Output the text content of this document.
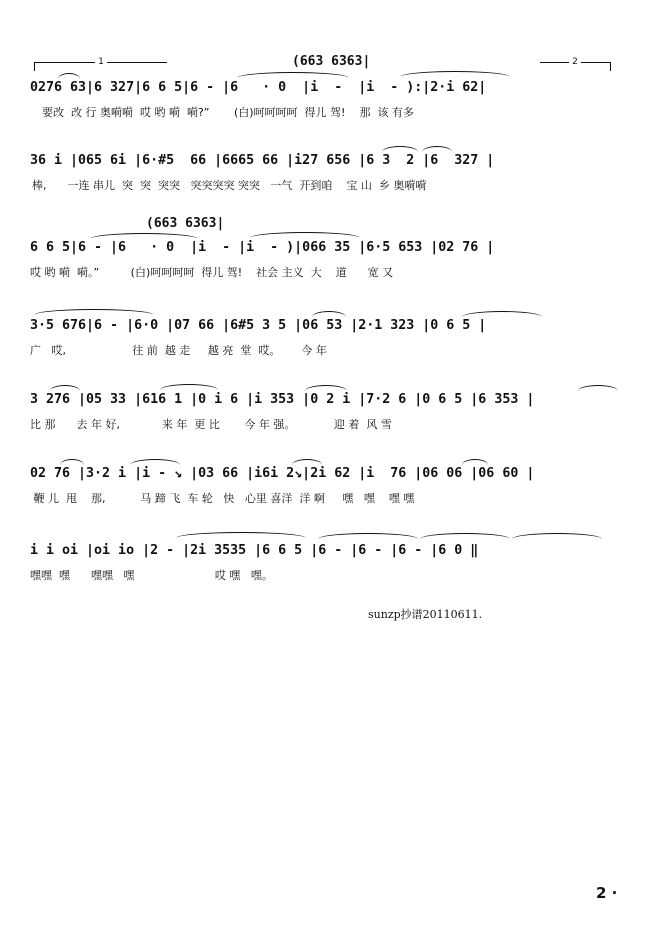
1	2
(663 6363|
0276 63|6 327|6 6 5|6 - |6   · 0  |i  -  |i  - ):|2·i 62|
要改  改 行 奥嗬嗬  哎 哟 嗬  嗬?”       (白)呵呵呵呵  得儿 驾!    那  该 有多
36 i |065 6i |6·#5  66 |6665 66 |i27 656 |6 3  2 |6  327 |
棒,      一连 串儿  突  突  突突   突突突突 突突   一气  开到咱    宝 山  乡 奥嗬嗬
(663 6363|
6 6 5|6 - |6   · 0  |i  - |i  - )|066 35 |6·5 653 |02 76 |
哎 哟 嗬  嗬。”         (白)呵呵呵呵  得儿 驾!    社会 主义  大    道      宽 又
3·5 676|6 - |6·0 |07 66 |6#5 3 5 |06 53 |2·1 323 |0 6 5 |
广   哎,                   往 前  越 走     越 亮  堂  哎。      今 年
3 276 |05 33 |616 1 |0 i 6 |i 353 |0 2 i |7·2 6 |0 6 5 |6 353 |
比 那      去 年 好,            来 年  更 比       今 年 强。           迎 着  风 雪
02 76 |3·2 i |i - ↘ |03 66 |i6i 2↘|2i 62 |i  76 |06 06 |06 60 |
鞭 儿  甩    那,          马 蹄 飞  车 轮   快   心里 喜洋  洋 啊     嘿   嘿    嘿 嘿
i i oi |oi io |2 - |2i 3535 |6 6 5 |6 - |6 - |6 - |6 0 ‖
嘿嘿  嘿      嘿嘿   嘿                       哎 嘿   嘿。
sunzp抄谱20110611.
2 ·
